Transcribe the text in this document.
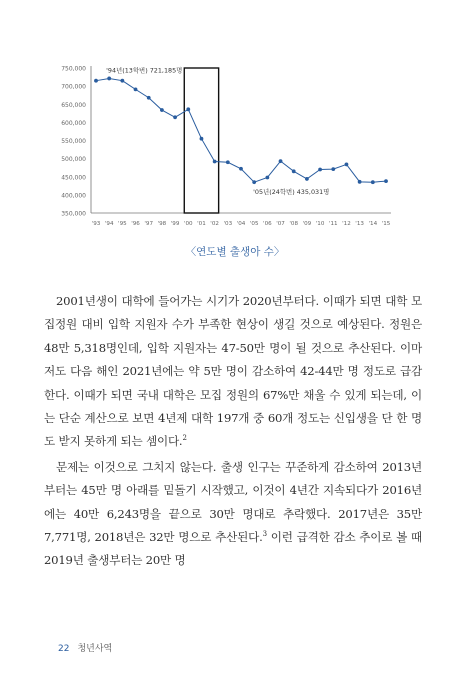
350,000
400,000
450,000
500,000
550,000
600,000
650,000
700,000
750,000
'93 '94 '95 '96 '97 '98 '99 '00 '01 '02 '03 '04 '05 '06 '07 '08 '09 '10 '11 '12 '13 '14 '15
'94년(13학번) 721,185명
'05년(24학번) 435,031명
〈연도별 출생아 수〉

2001년생이 대학에 들어가는 시기가 2020년부터다. 이때가 되면 대학 모집정원 대비 입학 지원자 수가 부족한 현상이 생길 것으로 예상된다. 정원은 48만 5,318명인데, 입학 지원자는 47-50만 명이 될 것으로 추산된다. 이마저도 다음 해인 2021년에는 약 5만 명이 감소하여 42-44만 명 정도로 급감한다. 이때가 되면 국내 대학은 모집 정원의 67%만 채울 수 있게 되는데, 이는 단순 계산으로 보면 4년제 대학 197개 중 60개 정도는 신입생을 단 한 명도 받지 못하게 되는 셈이다.$^2$

문제는 이것으로 그치지 않는다. 출생 인구는 꾸준하게 감소하여 2013년부터는 45만 명 아래를 밑돌기 시작했고, 이것이 4년간 지속되다가 2016년에는 40만 6,243명을 끝으로 30만 명대로 추락했다. 2017년은 35만 7,771명, 2018년은 32만 명으로 추산된다.$^3$ 이런 급격한 감소 추이로 볼 때 2019년 출생부터는 20만 명

22 청년사역
